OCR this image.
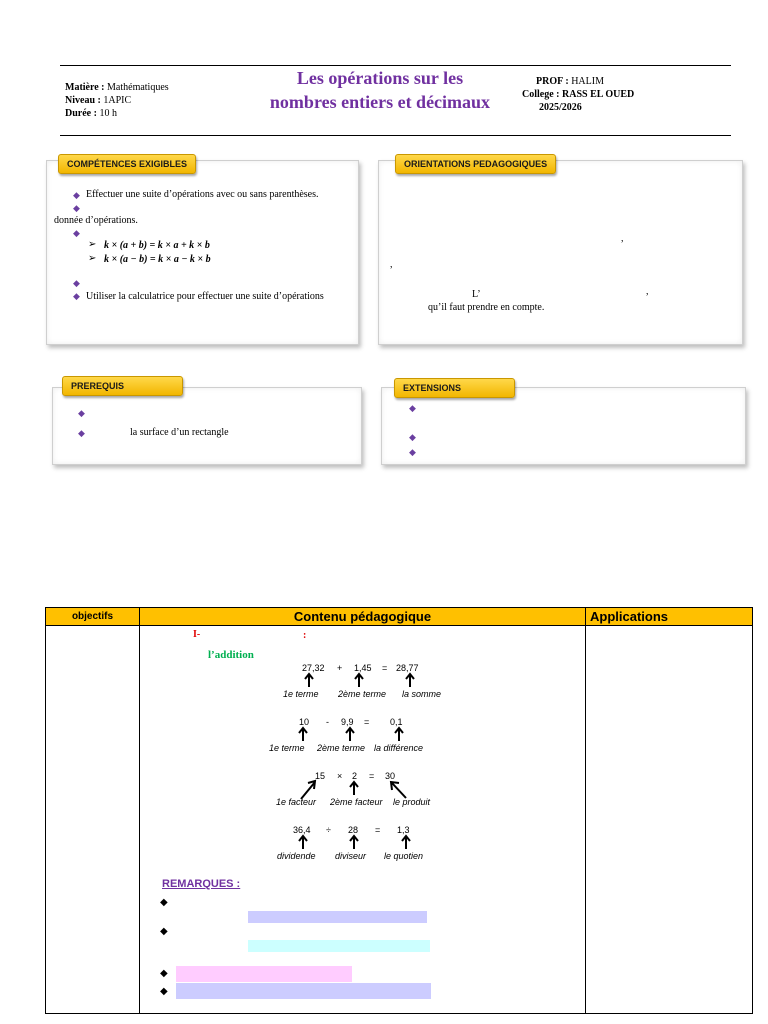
Matière : Mathématiques
Niveau : 1APIC
Durée : 10 h
Les opérations sur les nombres entiers et décimaux
PROF : HALIM
College : RASS EL OUED
2025/2026
COMPÉTENCES EXIGIBLES
◆ Effectuer une suite d’opérations avec ou sans parenthèses.
◆
donnée d’opérations.
◆
➢ k × (a + b) = k × a + k × b
➢ k × (a − b) = k × a − k × b
◆
◆ Utiliser la calculatrice pour effectuer une suite d’opérations
ORIENTATIONS PEDAGOGIQUES
,
,
L’	,
qu’il faut prendre en compte.
PREREQUIS
◆
◆	la surface d’un rectangle
EXTENSIONS
◆
◆
◆
objectifs	Contenu pédagogique	Applications
I-	:
l’addition
27,32 + 1,45 = 28,77
1e terme 2ème terme la somme
10 - 9,9 = 0,1
1e terme 2ème terme la différence
15 × 2 = 30
1e facteur 2ème facteur le produit
36,4 ÷ 28 = 1,3
dividende diviseur le quotien
REMARQUES :
◆
◆
◆
◆
